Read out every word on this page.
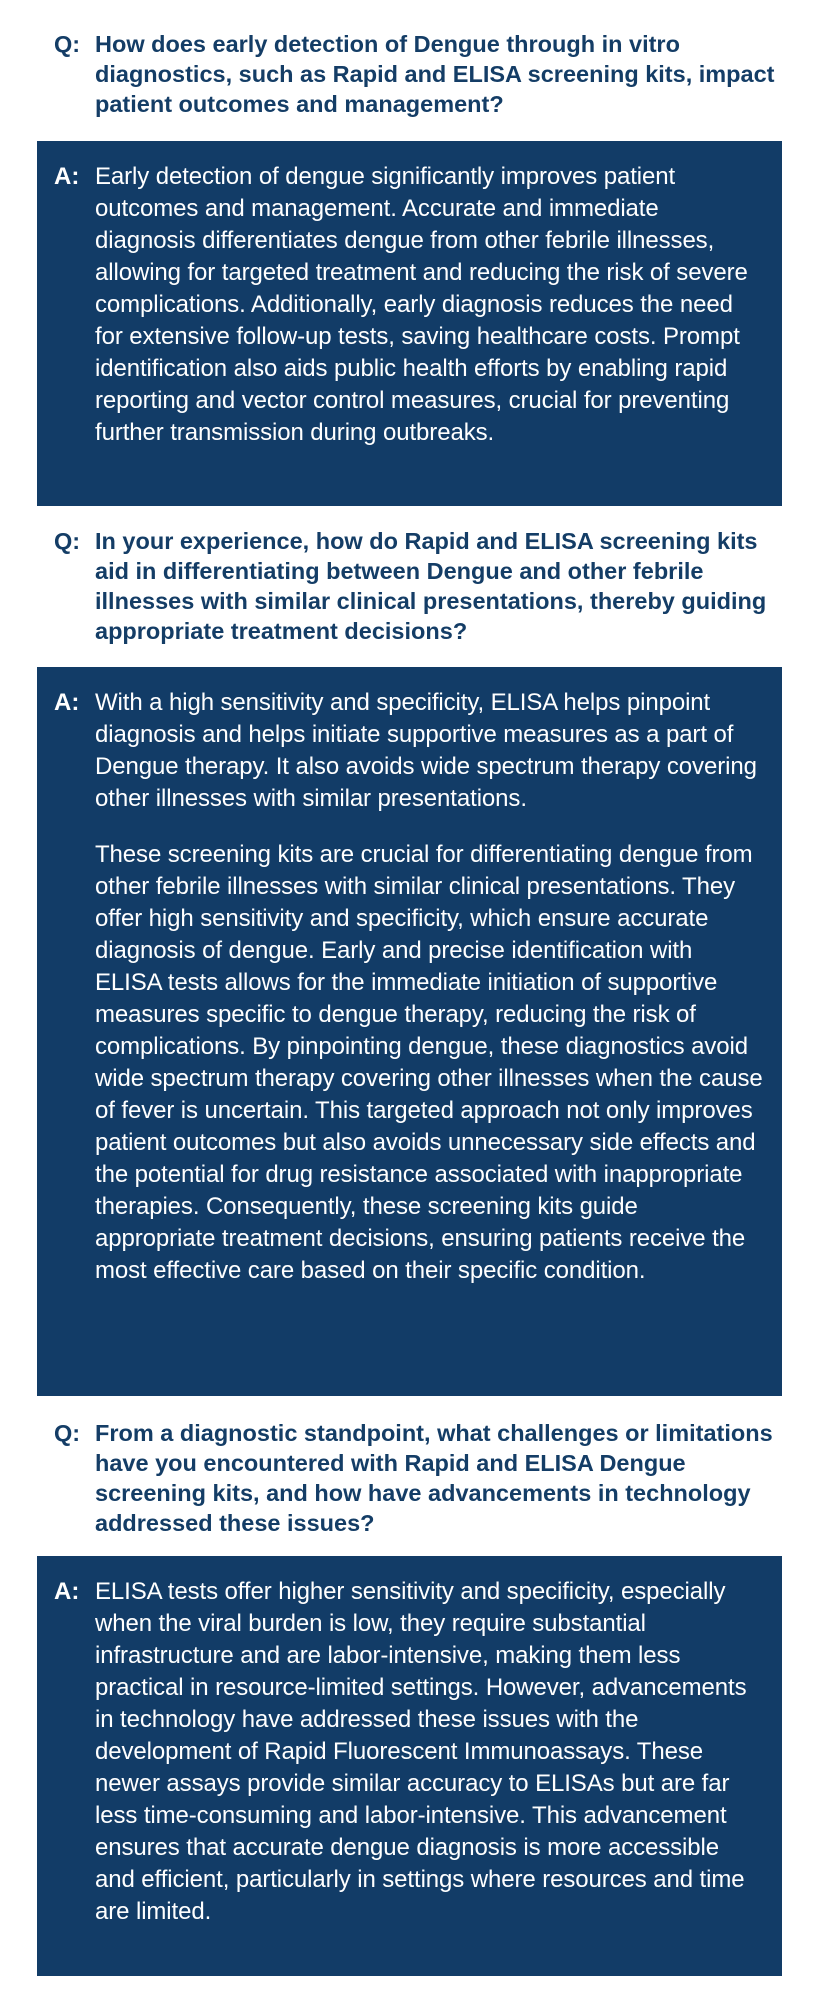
Q: How does early detection of Dengue through in vitro diagnostics, such as Rapid and ELISA screening kits, impact patient outcomes and management?
A: Early detection of dengue significantly improves patient outcomes and management. Accurate and immediate diagnosis differentiates dengue from other febrile illnesses, allowing for targeted treatment and reducing the risk of severe complications. Additionally, early diagnosis reduces the need for extensive follow-up tests, saving healthcare costs. Prompt identification also aids public health efforts by enabling rapid reporting and vector control measures, crucial for preventing further transmission during outbreaks.

Q: In your experience, how do Rapid and ELISA screening kits aid in differentiating between Dengue and other febrile illnesses with similar clinical presentations, thereby guiding appropriate treatment decisions?
A: With a high sensitivity and specificity, ELISA helps pinpoint diagnosis and helps initiate supportive measures as a part of Dengue therapy. It also avoids wide spectrum therapy covering other illnesses with similar presentations.

These screening kits are crucial for differentiating dengue from other febrile illnesses with similar clinical presentations. They offer high sensitivity and specificity, which ensure accurate diagnosis of dengue. Early and precise identification with ELISA tests allows for the immediate initiation of supportive measures specific to dengue therapy, reducing the risk of complications. By pinpointing dengue, these diagnostics avoid wide spectrum therapy covering other illnesses when the cause of fever is uncertain. This targeted approach not only improves patient outcomes but also avoids unnecessary side effects and the potential for drug resistance associated with inappropriate therapies. Consequently, these screening kits guide appropriate treatment decisions, ensuring patients receive the most effective care based on their specific condition.

Q: From a diagnostic standpoint, what challenges or limitations have you encountered with Rapid and ELISA Dengue screening kits, and how have advancements in technology addressed these issues?
A: ELISA tests offer higher sensitivity and specificity, especially when the viral burden is low, they require substantial infrastructure and are labor-intensive, making them less practical in resource-limited settings. However, advancements in technology have addressed these issues with the development of Rapid Fluorescent Immunoassays. These newer assays provide similar accuracy to ELISAs but are far less time-consuming and labor-intensive. This advancement ensures that accurate dengue diagnosis is more accessible and efficient, particularly in settings where resources and time are limited.
